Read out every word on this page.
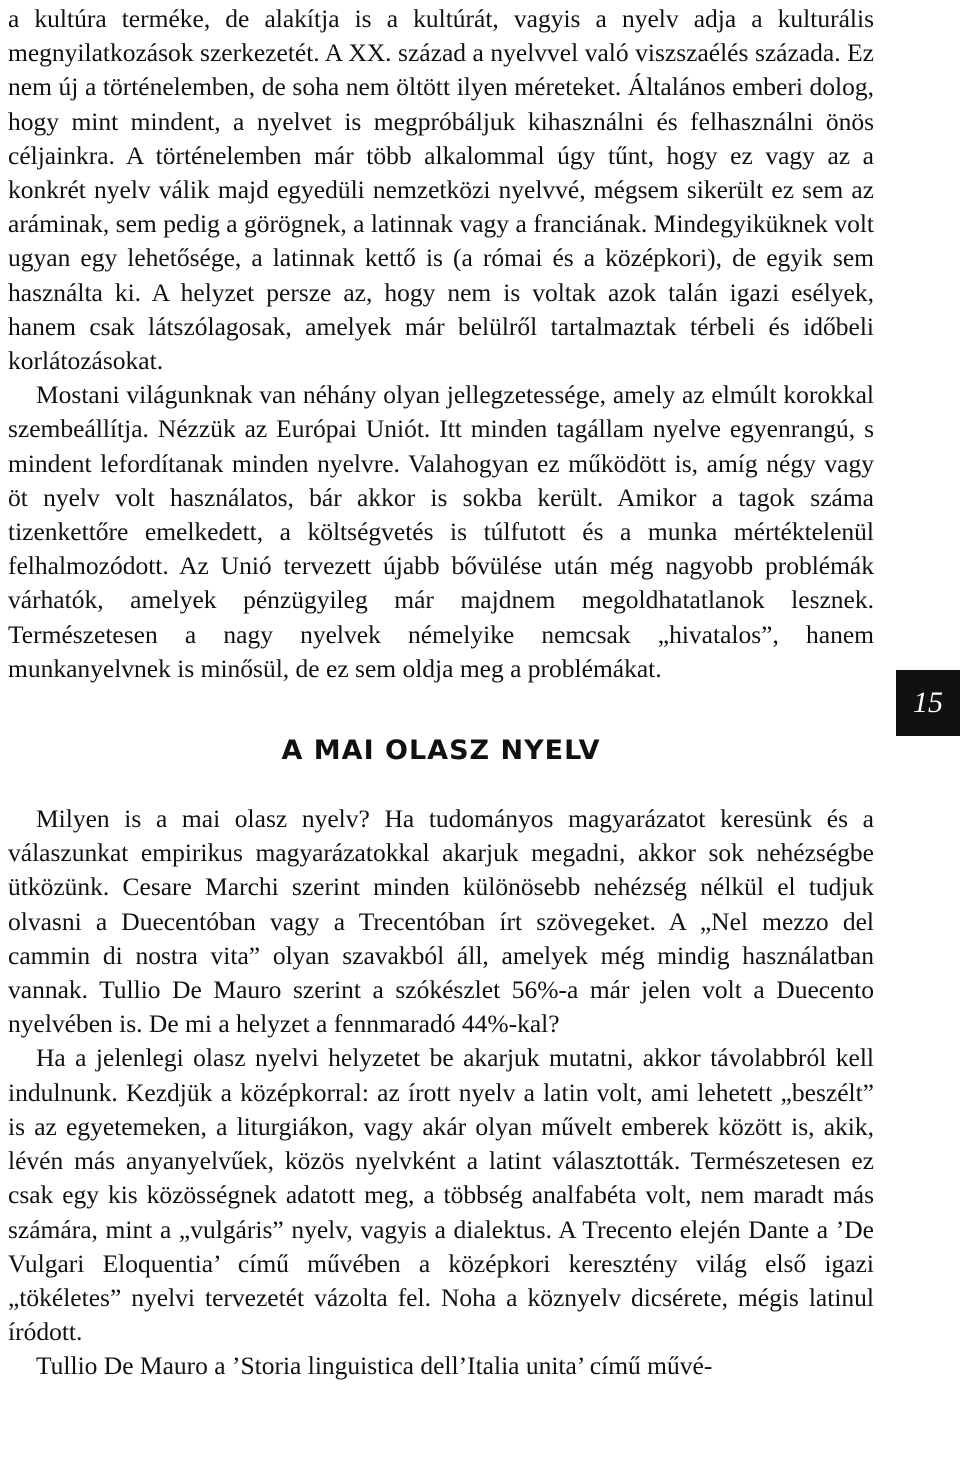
a kultúra terméke, de alakítja is a kultúrát, vagyis a nyelv adja a kulturális megnyilatkozások szerkezetét. A XX. század a nyelvvel való viszszaélés százada. Ez nem új a történelemben, de soha nem öltött ilyen méreteket. Általános emberi dolog, hogy mint mindent, a nyelvet is megpróbáljuk kihasználni és felhasználni önös céljainkra. A történelemben már több alkalommal úgy tűnt, hogy ez vagy az a konkrét nyelv válik majd egyedüli nemzetközi nyelvvé, mégsem sikerült ez sem az aráminak, sem pedig a görögnek, a latinnak vagy a franciának. Mindegyiküknek volt ugyan egy lehetősége, a latinnak kettő is (a római és a középkori), de egyik sem használta ki. A helyzet persze az, hogy nem is voltak azok talán igazi esélyek, hanem csak látszólagosak, amelyek már belülről tartalmaztak térbeli és időbeli korlátozásokat.

Mostani világunknak van néhány olyan jellegzetessége, amely az elmúlt korokkal szembeállítja. Nézzük az Európai Uniót. Itt minden tagállam nyelve egyenrangú, s mindent lefordítanak minden nyelvre. Valahogyan ez működött is, amíg négy vagy öt nyelv volt használatos, bár akkor is sokba került. Amikor a tagok száma tizenkettőre emelkedett, a költségvetés is túlfutott és a munka mértéktelenül felhalmozódott. Az Unió tervezett újabb bővülése után még nagyobb problémák várhatók, amelyek pénzügyileg már majdnem megoldhatatlanok lesznek. Természetesen a nagy nyelvek némelyike nemcsak „hivatalos”, hanem munkanyelvnek is minősül, de ez sem oldja meg a problémákat.

A MAI OLASZ NYELV

Milyen is a mai olasz nyelv? Ha tudományos magyarázatot keresünk és a válaszunkat empirikus magyarázatokkal akarjuk megadni, akkor sok nehézségbe ütközünk. Cesare Marchi szerint minden különösebb nehézség nélkül el tudjuk olvasni a Duecentóban vagy a Trecentóban írt szövegeket. A „Nel mezzo del cammin di nostra vita” olyan szavakból áll, amelyek még mindig használatban vannak. Tullio De Mauro szerint a szókészlet 56%-a már jelen volt a Duecento nyelvében is. De mi a helyzet a fennmaradó 44%-kal?

Ha a jelenlegi olasz nyelvi helyzetet be akarjuk mutatni, akkor távolabbról kell indulnunk. Kezdjük a középkorral: az írott nyelv a latin volt, ami lehetett „beszélt” is az egyetemeken, a liturgiákon, vagy akár olyan művelt emberek között is, akik, lévén más anyanyelvűek, közös nyelvként a latint választották. Természetesen ez csak egy kis közösségnek adatott meg, a többség analfabéta volt, nem maradt más számára, mint a „vulgáris” nyelv, vagyis a dialektus. A Trecento elején Dante a ’De Vulgari Eloquentia’ című művében a középkori keresztény világ első igazi „tökéletes” nyelvi tervezetét vázolta fel. Noha a köznyelv dicsérete, mégis latinul íródott.

Tullio De Mauro a ’Storia linguistica dell’Italia unita’ című művé-

15
